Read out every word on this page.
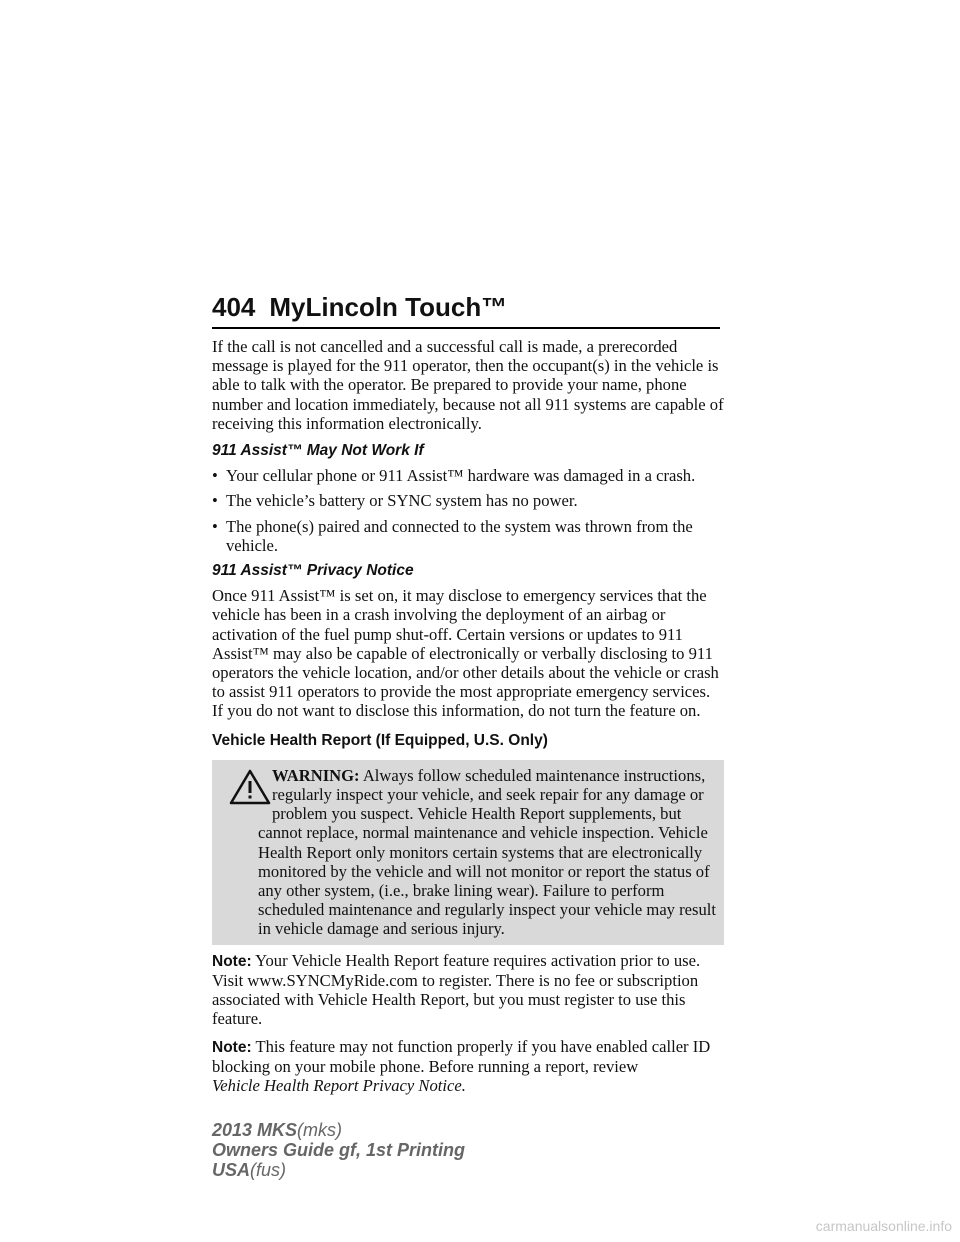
404 MyLincoln Touch™

If the call is not cancelled and a successful call is made, a prerecorded message is played for the 911 operator, then the occupant(s) in the vehicle is able to talk with the operator. Be prepared to provide your name, phone number and location immediately, because not all 911 systems are capable of receiving this information electronically.

911 Assist™ May Not Work If
• Your cellular phone or 911 Assist™ hardware was damaged in a crash.
• The vehicle’s battery or SYNC system has no power.
• The phone(s) paired and connected to the system was thrown from the vehicle.
911 Assist™ Privacy Notice

Once 911 Assist™ is set on, it may disclose to emergency services that the vehicle has been in a crash involving the deployment of an airbag or activation of the fuel pump shut-off. Certain versions or updates to 911 Assist™ may also be capable of electronically or verbally disclosing to 911 operators the vehicle location, and/or other details about the vehicle or crash to assist 911 operators to provide the most appropriate emergency services. If you do not want to disclose this information, do not turn the feature on.

Vehicle Health Report (If Equipped, U.S. Only)
WARNING: Always follow scheduled maintenance instructions, regularly inspect your vehicle, and seek repair for any damage or problem you suspect. Vehicle Health Report supplements, but cannot replace, normal maintenance and vehicle inspection. Vehicle Health Report only monitors certain systems that are electronically monitored by the vehicle and will not monitor or report the status of any other system, (i.e., brake lining wear). Failure to perform scheduled maintenance and regularly inspect your vehicle may result in vehicle damage and serious injury.

Note: Your Vehicle Health Report feature requires activation prior to use. Visit www.SYNCMyRide.com to register. There is no fee or subscription associated with Vehicle Health Report, but you must register to use this feature.

Note: This feature may not function properly if you have enabled caller ID blocking on your mobile phone. Before running a report, review
Vehicle Health Report Privacy Notice.

2013 MKS(mks)
Owners Guide gf, 1st Printing
USA(fus)
carmanualsonline.info
